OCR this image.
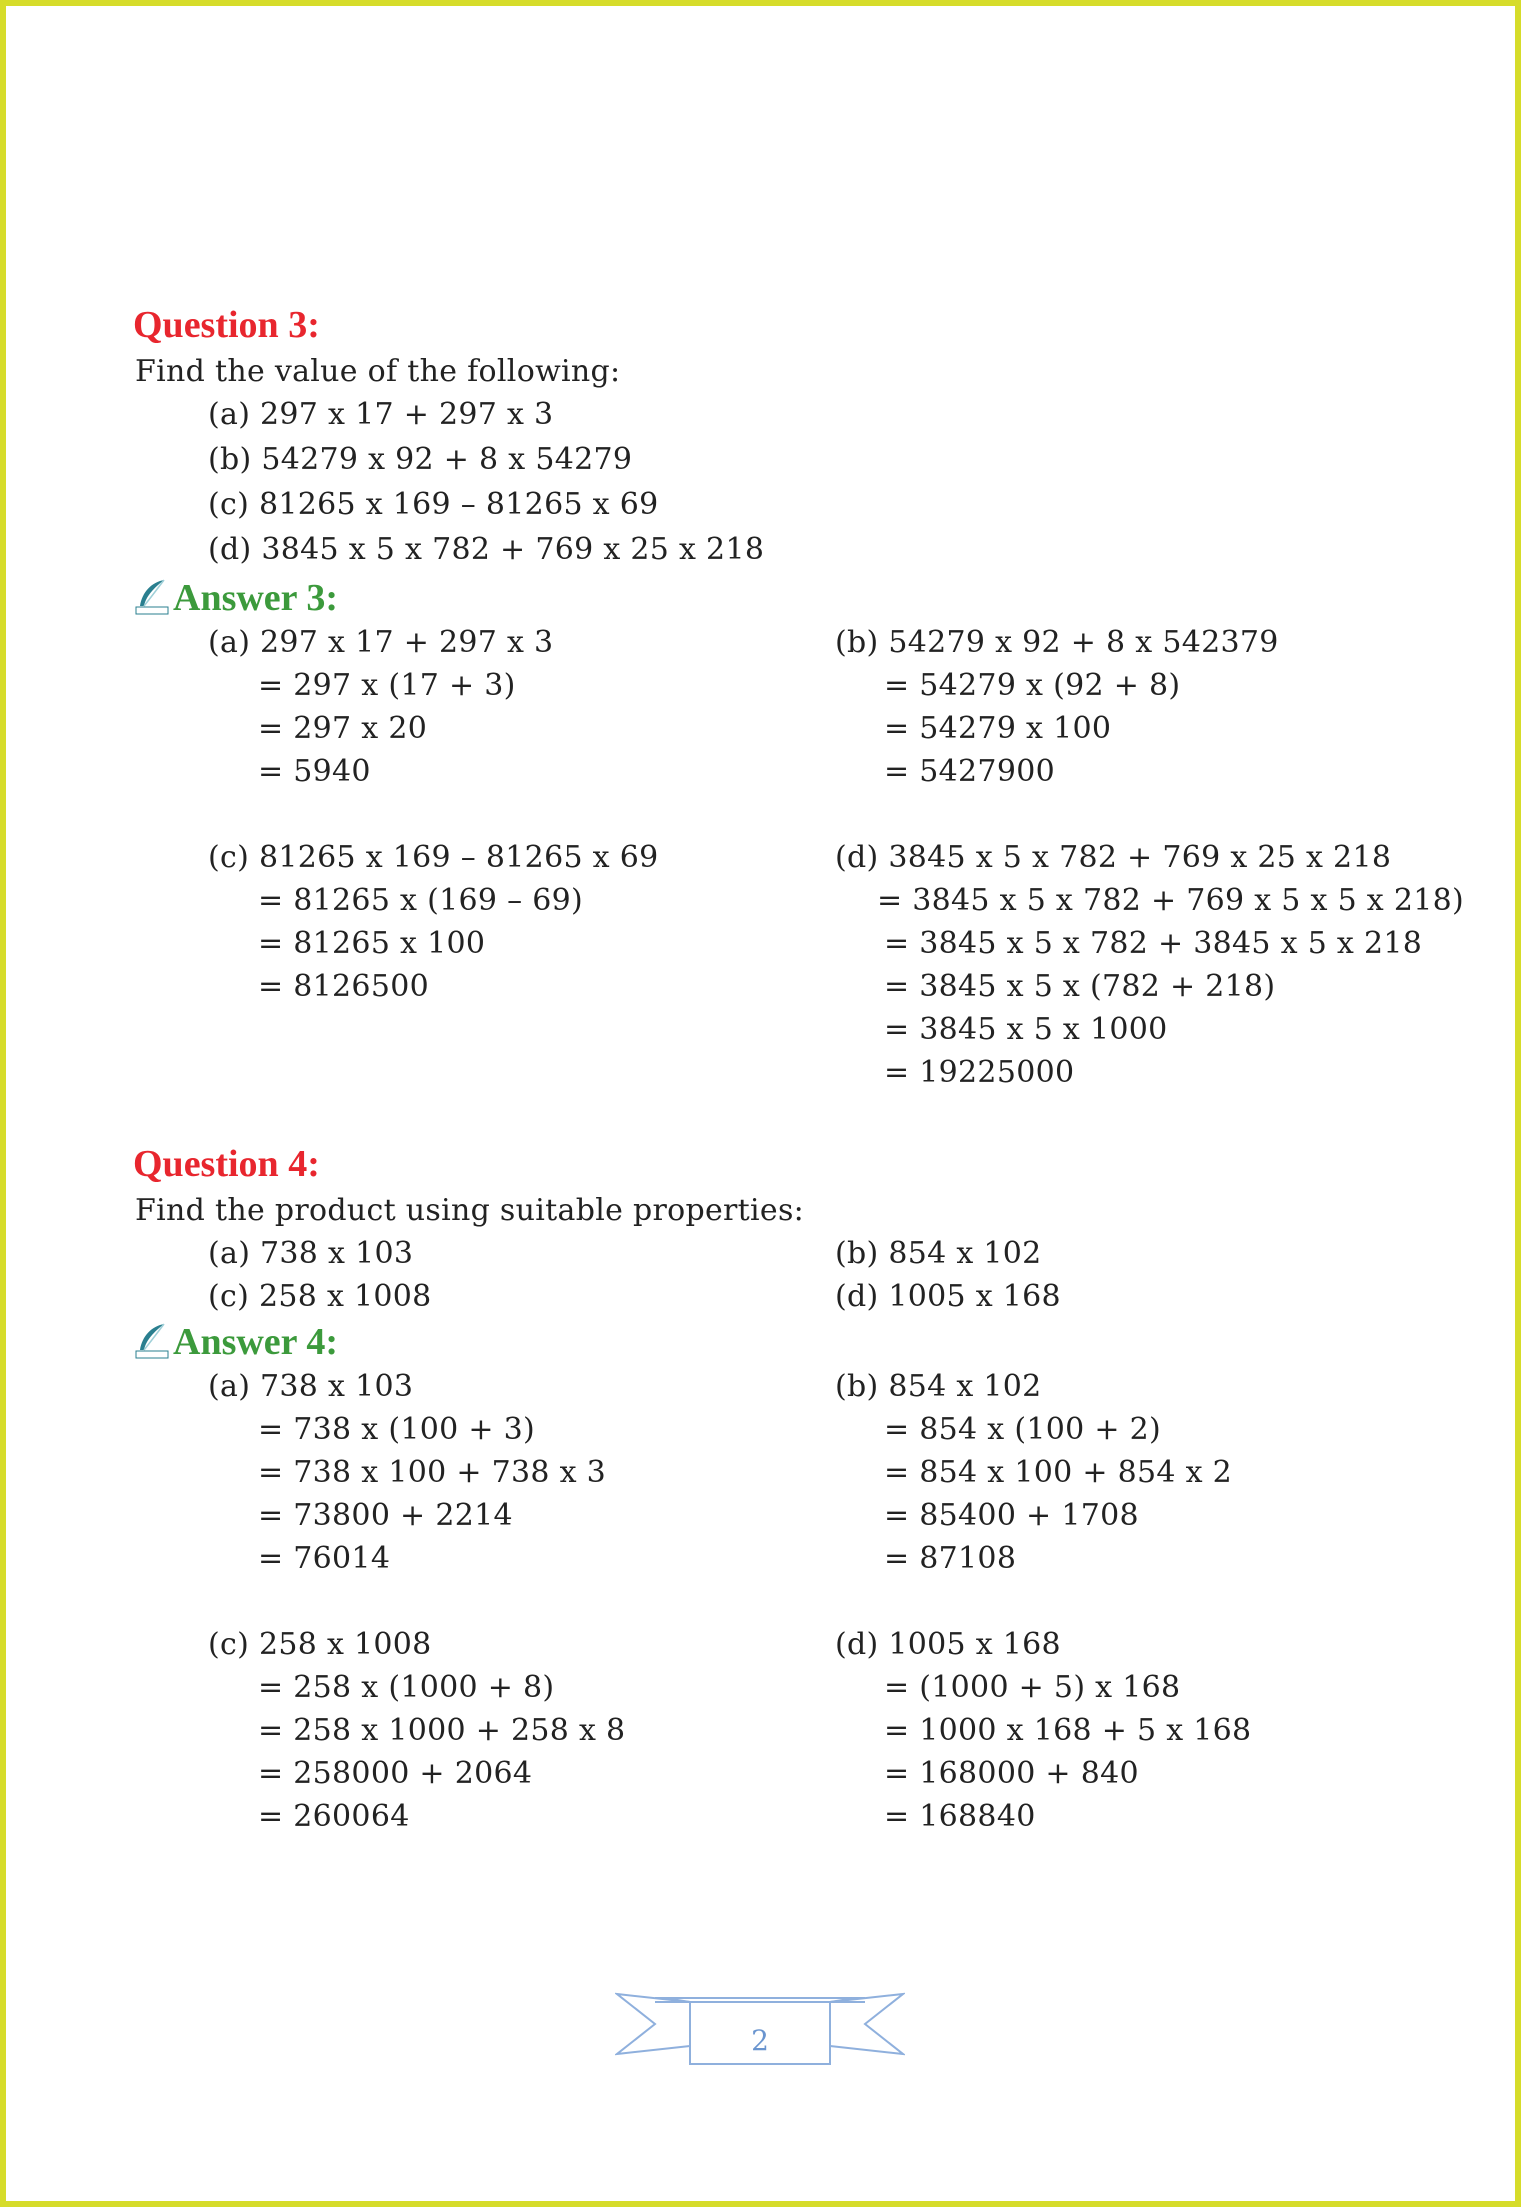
Question 3:
Find the value of the following:
(a) 297 x 17 + 297 x 3
(b) 54279 x 92 + 8 x 54279
(c) 81265 x 169 – 81265 x 69
(d) 3845 x 5 x 782 + 769 x 25 x 218
Answer 3:
(a) 297 x 17 + 297 x 3
= 297 x (17 + 3)
= 297 x 20
= 5940
(b) 54279 x 92 + 8 x 542379
= 54279 x (92 + 8)
= 54279 x 100
= 5427900
(c) 81265 x 169 – 81265 x 69
= 81265 x (169 – 69)
= 81265 x 100
= 8126500
(d) 3845 x 5 x 782 + 769 x 25 x 218
= 3845 x 5 x 782 + 769 x 5 x 5 x 218)
= 3845 x 5 x 782 + 3845 x 5 x 218
= 3845 x 5 x (782 + 218)
= 3845 x 5 x 1000
= 19225000
Question 4:
Find the product using suitable properties:
(a) 738 x 103	(b) 854 x 102
(c) 258 x 1008	(d) 1005 x 168
Answer 4:
(a) 738 x 103
= 738 x (100 + 3)
= 738 x 100 + 738 x 3
= 73800 + 2214
= 76014
(b) 854 x 102
= 854 x (100 + 2)
= 854 x 100 + 854 x 2
= 85400 + 1708
= 87108
(c) 258 x 1008
= 258 x (1000 + 8)
= 258 x 1000 + 258 x 8
= 258000 + 2064
= 260064
(d) 1005 x 168
= (1000 + 5) x 168
= 1000 x 168 + 5 x 168
= 168000 + 840
= 168840
2
